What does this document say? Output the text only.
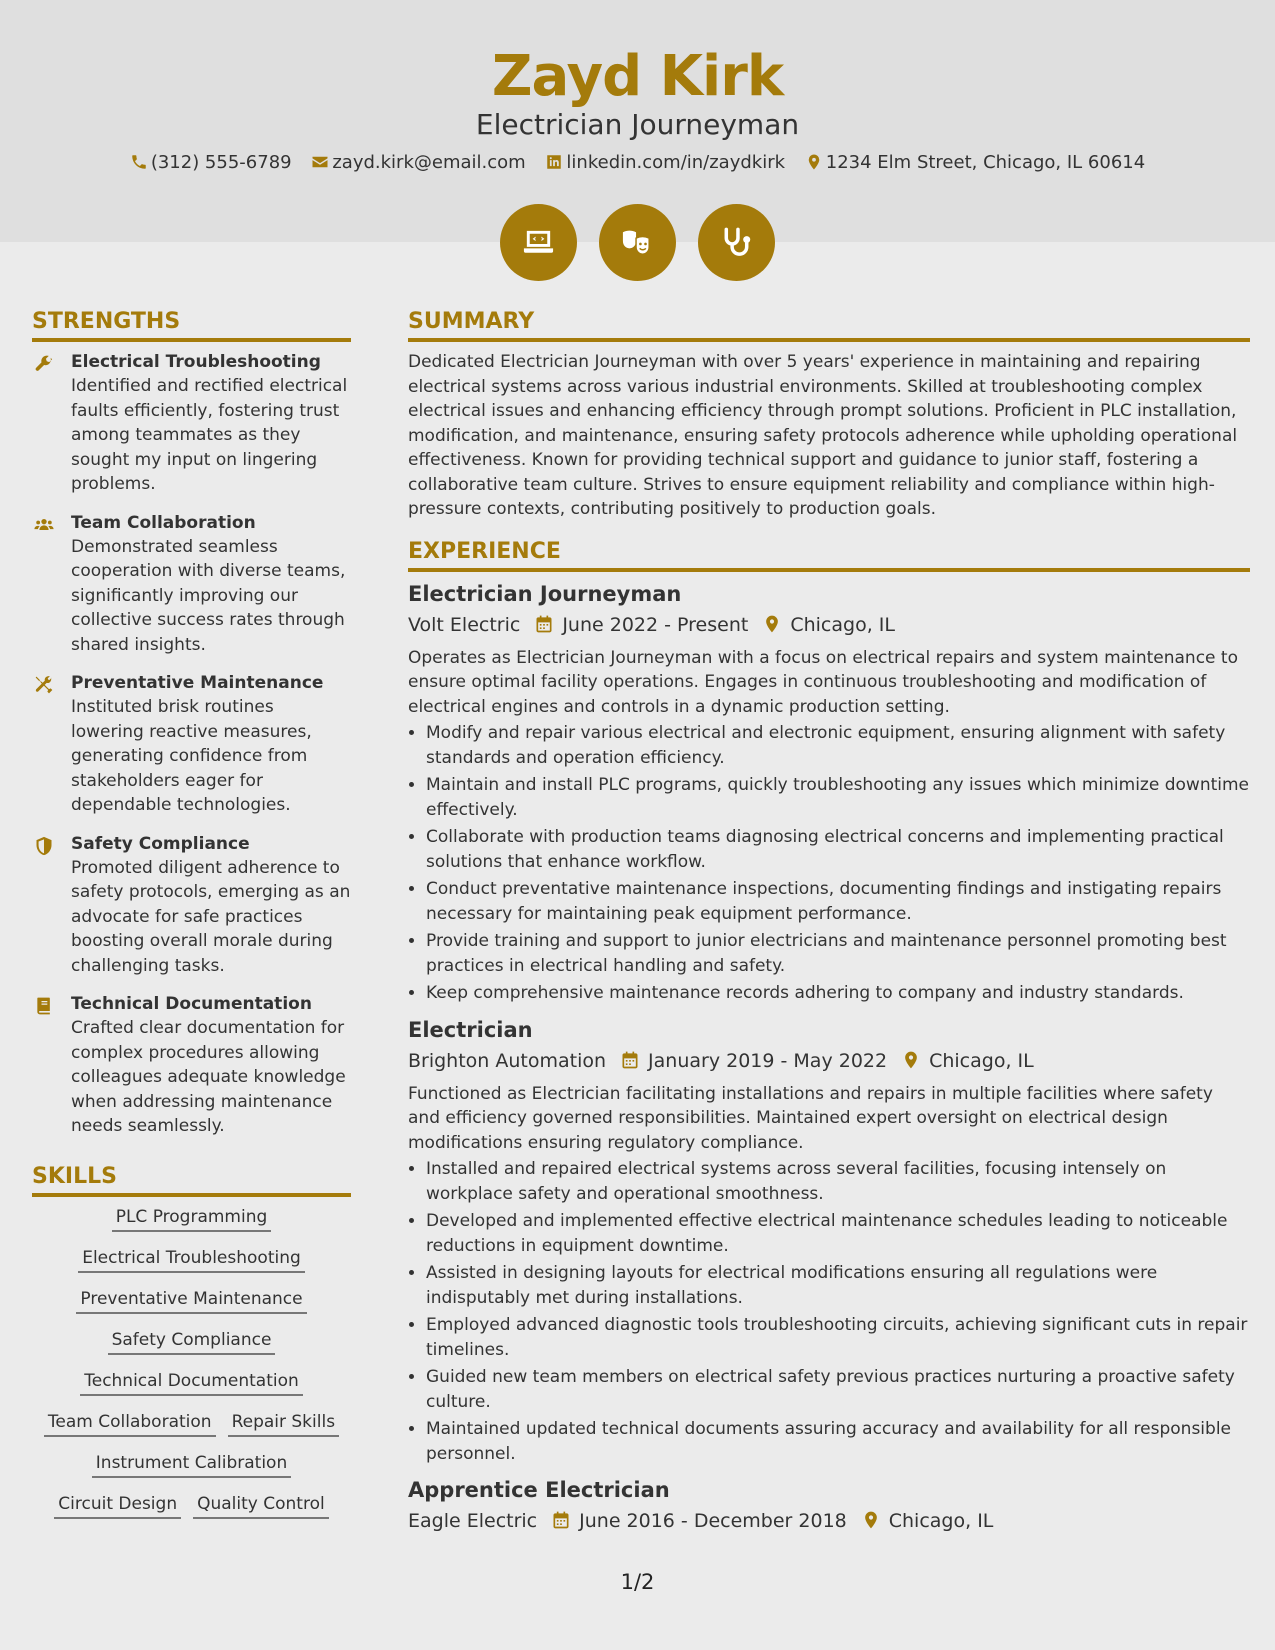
Zayd Kirk
Electrician Journeyman
(312) 555-6789 zayd.kirk@email.com linkedin.com/in/zaydkirk 1234 Elm Street, Chicago, IL 60614

STRENGTHS
Electrical Troubleshooting
Identified and rectified electrical faults efficiently, fostering trust among teammates as they sought my input on lingering problems.
Team Collaboration
Demonstrated seamless cooperation with diverse teams, significantly improving our collective success rates through shared insights.
Preventative Maintenance
Instituted brisk routines lowering reactive measures, generating confidence from stakeholders eager for dependable technologies.
Safety Compliance
Promoted diligent adherence to safety protocols, emerging as an advocate for safe practices boosting overall morale during challenging tasks.
Technical Documentation
Crafted clear documentation for complex procedures allowing colleagues adequate knowledge when addressing maintenance needs seamlessly.
SKILLS
PLC Programming
Electrical Troubleshooting
Preventative Maintenance
Safety Compliance
Technical Documentation
Team Collaboration Repair Skills
Instrument Calibration
Circuit Design Quality Control
SUMMARY
Dedicated Electrician Journeyman with over 5 years' experience in maintaining and repairing electrical systems across various industrial environments. Skilled at troubleshooting complex electrical issues and enhancing efficiency through prompt solutions. Proficient in PLC installation, modification, and maintenance, ensuring safety protocols adherence while upholding operational effectiveness. Known for providing technical support and guidance to junior staff, fostering a collaborative team culture. Strives to ensure equipment reliability and compliance within high-pressure contexts, contributing positively to production goals.
EXPERIENCE
Electrician Journeyman
Volt Electric June 2022 - Present Chicago, IL
Operates as Electrician Journeyman with a focus on electrical repairs and system maintenance to ensure optimal facility operations. Engages in continuous troubleshooting and modification of electrical engines and controls in a dynamic production setting.
• Modify and repair various electrical and electronic equipment, ensuring alignment with safety standards and operation efficiency.
• Maintain and install PLC programs, quickly troubleshooting any issues which minimize downtime effectively.
• Collaborate with production teams diagnosing electrical concerns and implementing practical solutions that enhance workflow.
• Conduct preventative maintenance inspections, documenting findings and instigating repairs necessary for maintaining peak equipment performance.
• Provide training and support to junior electricians and maintenance personnel promoting best practices in electrical handling and safety.
• Keep comprehensive maintenance records adhering to company and industry standards.
Electrician
Brighton Automation January 2019 - May 2022 Chicago, IL
Functioned as Electrician facilitating installations and repairs in multiple facilities where safety and efficiency governed responsibilities. Maintained expert oversight on electrical design modifications ensuring regulatory compliance.
• Installed and repaired electrical systems across several facilities, focusing intensely on workplace safety and operational smoothness.
• Developed and implemented effective electrical maintenance schedules leading to noticeable reductions in equipment downtime.
• Assisted in designing layouts for electrical modifications ensuring all regulations were indisputably met during installations.
• Employed advanced diagnostic tools troubleshooting circuits, achieving significant cuts in repair timelines.
• Guided new team members on electrical safety previous practices nurturing a proactive safety culture.
• Maintained updated technical documents assuring accuracy and availability for all responsible personnel.
Apprentice Electrician
Eagle Electric June 2016 - December 2018 Chicago, IL
1/2
